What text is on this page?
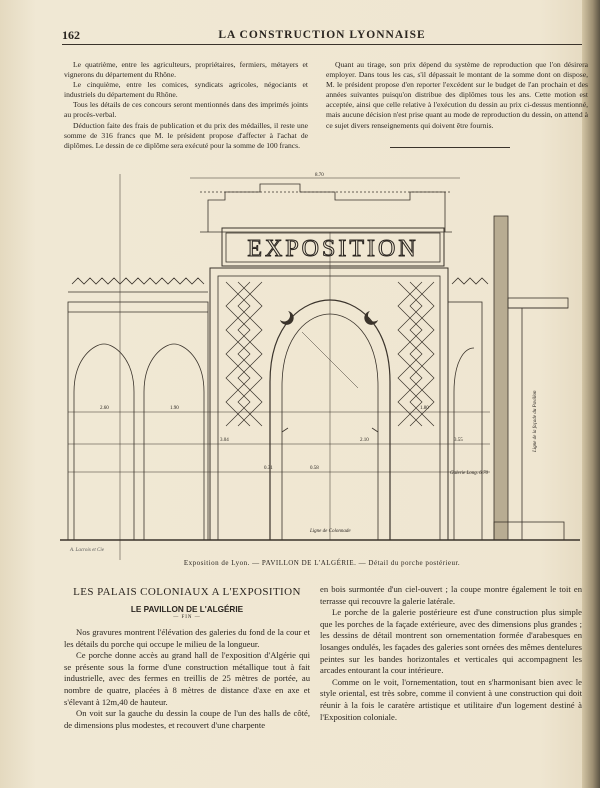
162	LA CONSTRUCTION LYONNAISE

Le quatrième, entre les agriculteurs, propriétaires, fermiers, métayers et vignerons du département du Rhône.

Le cinquième, entre les comices, syndicats agricoles, négociants et industriels du département du Rhône.

Tous les détails de ces concours seront mentionnés dans des imprimés joints au procès-verbal.

Déduction faite des frais de publication et du prix des médailles, il reste une somme de 316 francs que M. le président propose d'affecter à l'achat de diplômes. Le dessin de ce diplôme sera exécuté pour la somme de 100 francs.

Quant au tirage, son prix dépend du système de reproduction que l'on désirera employer. Dans tous les cas, s'il dépassait le montant de la somme dont on dispose, M. le président propose d'en reporter l'excédent sur le budget de l'an prochain et des années suivantes puisqu'on distribue des diplômes tous les ans. Cette motion est acceptée, ainsi que celle relative à l'exécution du dessin au prix ci-dessus mentionné, mais aucune décision n'est prise quant au mode de reproduction du dessin, on attend à ce sujet divers renseignements qui doivent être fournis.

EXPOSITION
8.70
2.60	1.90
3.04
0.31	0.58
2.10
1.80
3.55
Galerie Long. 6.70
Ligne de Colonnade
Ligne de la façade du Pavillon
A. Lacroix et Cie
Exposition de Lyon. — PAVILLON DE L'ALGÉRIE. — Détail du porche postérieur.
LES PALAIS COLONIAUX A L'EXPOSITION
LE PAVILLON DE L'ALGÉRIE
— FIN —

Nos gravures montrent l'élévation des galeries du fond de la cour et les détails du porche qui occupe le milieu de la longueur.

Ce porche donne accès au grand hall de l'exposition d'Algérie qui se présente sous la forme d'une construction métallique tout à fait industrielle, avec des fermes en treillis de 25 mètres de portée, au nombre de quatre, placées à 8 mètres de distance d'axe en axe et s'élevant à 12m,40 de hauteur.

On voit sur la gauche du dessin la coupe de l'un des halls de côté, de dimensions plus modestes, et recouvert d'une charpente

en bois surmontée d'un ciel-ouvert ; la coupe montre également le toit en terrasse qui recouvre la galerie latérale.

Le porche de la galerie postérieure est d'une construction plus simple que les porches de la façade extérieure, avec des dimensions plus grandes ; les dessins de détail montrent son ornementation formée d'arabesques en losanges ondulés, les façades des galeries sont ornées des mêmes dentelures peintes sur les bandes horizontales et verticales qui accompagnent les arcades entourant la cour intérieure.

Comme on le voit, l'ornementation, tout en s'harmonisant bien avec le style oriental, est très sobre, comme il convient à une construction qui doit réunir à la fois le caratère artistique et utilitaire d'un logement destiné à l'Exposition coloniale.
